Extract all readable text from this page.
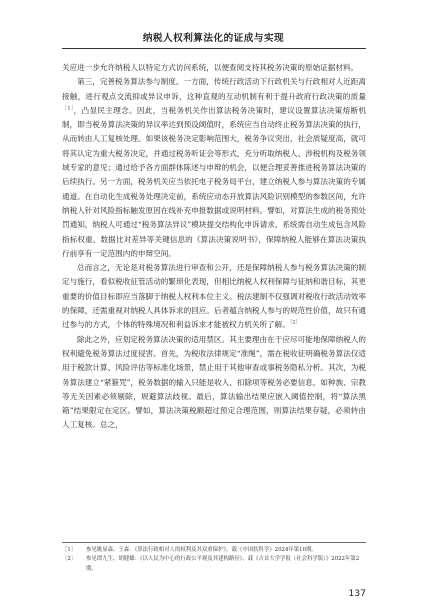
纳税人权利算法化的证成与实现

关应进一步允许纳税人以特定方式访问系统，以便查阅支持其税务决策的原始证据材料。

第三，完善税务算法参与制度。一方面，传统行政活动下行政机关与行政相对人近距离接触，进行观点交流抑或异议申诉，这种直观的互动机制有利于提升政府行政决策的质量$^{[1]}$，凸显民主理念。因此，当税务机关作出算法税务决策时，建议设置算法决策熔断机制，即当税务算法决策的异议率达到预设阈值时，系统应当自动终止税务算法决策的执行，从而转由人工复核处理。如果该税务决定影响范围大，税务争议突出，社会质疑度高，就可将其认定为重大税务决定，并通过税务听证会等形式，充分听取纳税人、涉税机构及税务领域专家的意见；通过给予各方面群体陈述与申辩的机会，以便合理妥善推进税务算法决策的后续执行。另一方面，税务机关应当依托电子税务局平台，建立纳税人参与算法决策的专属通道。在自动化生成税务处理决定前，系统应动态开放算法风险识别模型的参数区间，允许纳税人针对风险指标触发原因在线补充申报数据或说明材料。譬如，对算法生成的税务预处罚通知，纳税人可通过“税务算法异议”模块提交结构化申诉请求，系统需自动生成包含风险指标权重、数据比对差异等关键信息的《算法决策说明书》，保障纳税人能够在算法决策执行前享有一定范围内的申辩空间。

总而言之，无论是对税务算法进行审查和公开，还是保障纳税人参与税务算法决策的制定与施行，看似税收征管活动的繁琐化表现，但相比纳税人权利保障与征纳和谐目标，其更重要的价值目标即应当落脚于纳税人权利本位主义。税法建制不仅强调对税收行政活动效率的保障，还需重视对纳税人具体诉求的回应。后者蕴含纳税人参与的规范性价值，故只有通过参与的方式，个体的特殊境况和利益诉求才能被权力机关所了解。$^{〔2〕}$

除此之外，应划定税务算法决策的适用禁区。其主要理由在于应尽可能地保障纳税人的权利避免税务算法过度侵害。首先，为税收法律规定“准绳”，需在税收征明确税务算法仅适用于税款计算、风险评估等标准化场景，禁止用于其他审查或事税务隐私分析。其次，为税务算法建立“紧箍咒”，税务数据的输入只能是收入、扣除项等税务必要信息，如种族、宗教等无关因素必须剔除，规避算法歧视。最后，算法输出结果应嵌入阈值控制，将“算法黑箱”结果限定在定区。譬如，算法决策税额超过预定合理范围，则算法结果存疑，必须转由人工复核。总之，

［1］	参见姚显森、王森：《算法行政相对人的权利及其双重保护》，载《中国软科学》2024年第10期。
〔2〕	参见谭九生、胡健雄：《以人民为中心的行政公平观及其建构路径》，载《吉首大学学报（社会科学版）》2022年第2期。
137
